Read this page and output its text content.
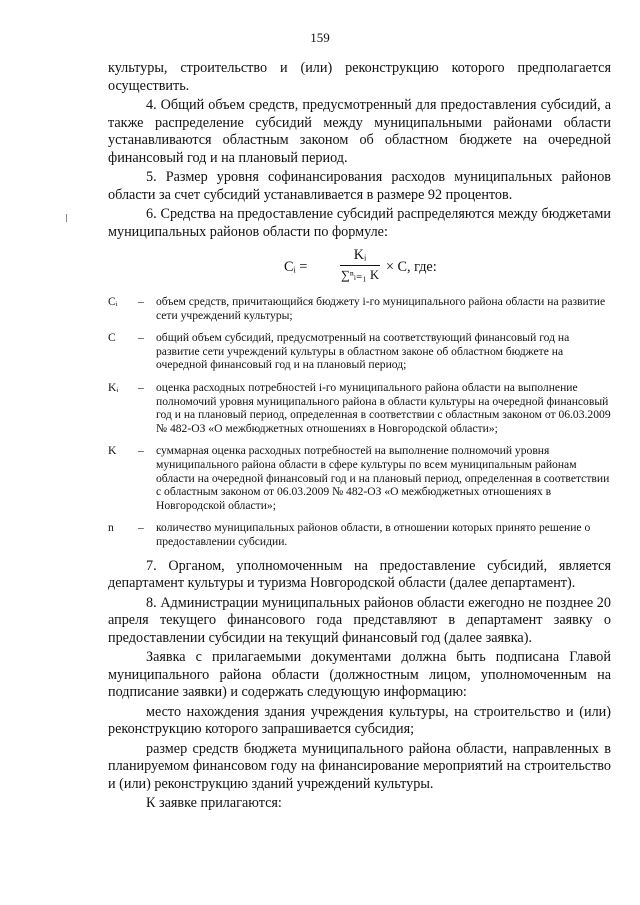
159

культуры, строительство и (или) реконструкцию которого предполагается осуществить.

4. Общий объем средств, предусмотренный для предоставления субсидий, а также распределение субсидий между муниципальными районами области устанавливаются областным законом об областном бюджете на очередной финансовый год и на плановый период.

5. Размер уровня софинансирования расходов муниципальных районов области за счет субсидий устанавливается в размере 92 процентов.

6. Средства на предоставление субсидий распределяются между бюджетами муниципальных районов области по формуле:

Cᵢ = $\frac{\text{Kᵢ}}{\text{∑ⁿᵢ₌₁ K}} \times C$, где:
Cᵢ	–	объем средств, причитающийся бюджету i-го муниципального района области на развитие сети учреждений культуры;
C	–	общий объем субсидий, предусмотренный на соответствующий финансовый год на развитие сети учреждений культуры в областном законе об областном бюджете на очередной финансовый год и на плановый период;
Kᵢ	–	оценка расходных потребностей i-го муниципального района области на выполнение полномочий уровня муниципального района в области культуры на очередной финансовый год и на плановый период, определенная в соответствии с областным законом от 06.03.2009 № 482-ОЗ «О межбюджетных отношениях в Новгородской области»;
K	–	суммарная оценка расходных потребностей на выполнение полномочий уровня муниципального района области в сфере культуры по всем муниципальным районам области на очередной финансовый год и на плановый период, определенная в соответствии с областным законом от 06.03.2009 № 482-ОЗ «О межбюджетных отношениях в Новгородской области»;
n	–	количество муниципальных районов области, в отношении которых принято решение о предоставлении субсидии.

7. Органом, уполномоченным на предоставление субсидий, является департамент культуры и туризма Новгородской области (далее департамент).

8. Администрации муниципальных районов области ежегодно не позднее 20 апреля текущего финансового года представляют в департамент заявку о предоставлении субсидии на текущий финансовый год (далее заявка).

Заявка с прилагаемыми документами должна быть подписана Главой муниципального района области (должностным лицом, уполномоченным на подписание заявки) и содержать следующую информацию:

место нахождения здания учреждения культуры, на строительство и (или) реконструкцию которого запрашивается субсидия;

размер средств бюджета муниципального района области, направленных в планируемом финансовом году на финансирование мероприятий на строительство и (или) реконструкцию зданий учреждений культуры.

К заявке прилагаются:
